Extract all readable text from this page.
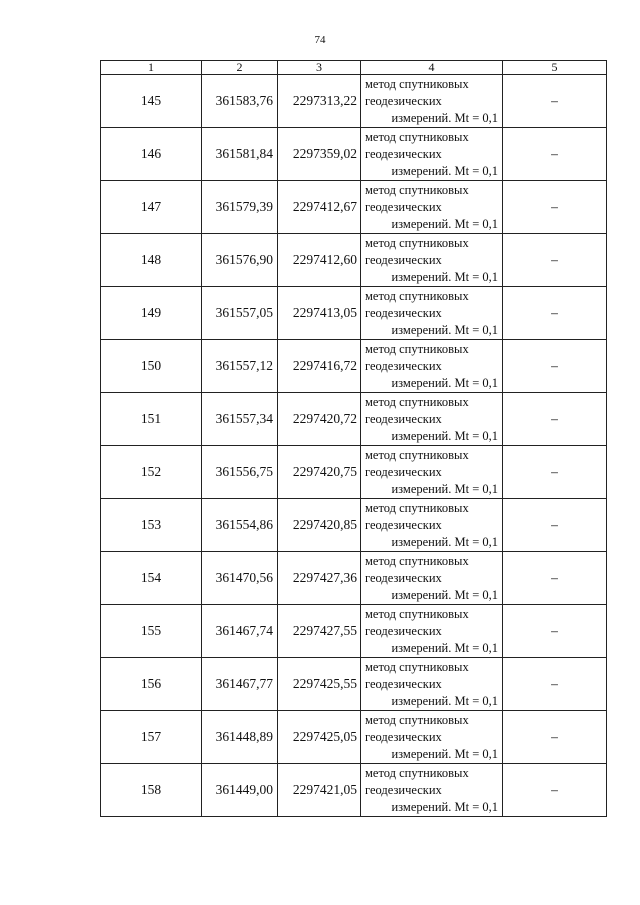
74
1	2	3	4	5
145	361583,76	2297313,22	метод спутниковых
геодезических
измерений. Mt = 0,1	–
146	361581,84	2297359,02	метод спутниковых
геодезических
измерений. Mt = 0,1	–
147	361579,39	2297412,67	метод спутниковых
геодезических
измерений. Mt = 0,1	–
148	361576,90	2297412,60	метод спутниковых
геодезических
измерений. Mt = 0,1	–
149	361557,05	2297413,05	метод спутниковых
геодезических
измерений. Mt = 0,1	–
150	361557,12	2297416,72	метод спутниковых
геодезических
измерений. Mt = 0,1	–
151	361557,34	2297420,72	метод спутниковых
геодезических
измерений. Mt = 0,1	–
152	361556,75	2297420,75	метод спутниковых
геодезических
измерений. Mt = 0,1	–
153	361554,86	2297420,85	метод спутниковых
геодезических
измерений. Mt = 0,1	–
154	361470,56	2297427,36	метод спутниковых
геодезических
измерений. Mt = 0,1	–
155	361467,74	2297427,55	метод спутниковых
геодезических
измерений. Mt = 0,1	–
156	361467,77	2297425,55	метод спутниковых
геодезических
измерений. Mt = 0,1	–
157	361448,89	2297425,05	метод спутниковых
геодезических
измерений. Mt = 0,1	–
158	361449,00	2297421,05	метод спутниковых
геодезических
измерений. Mt = 0,1	–
